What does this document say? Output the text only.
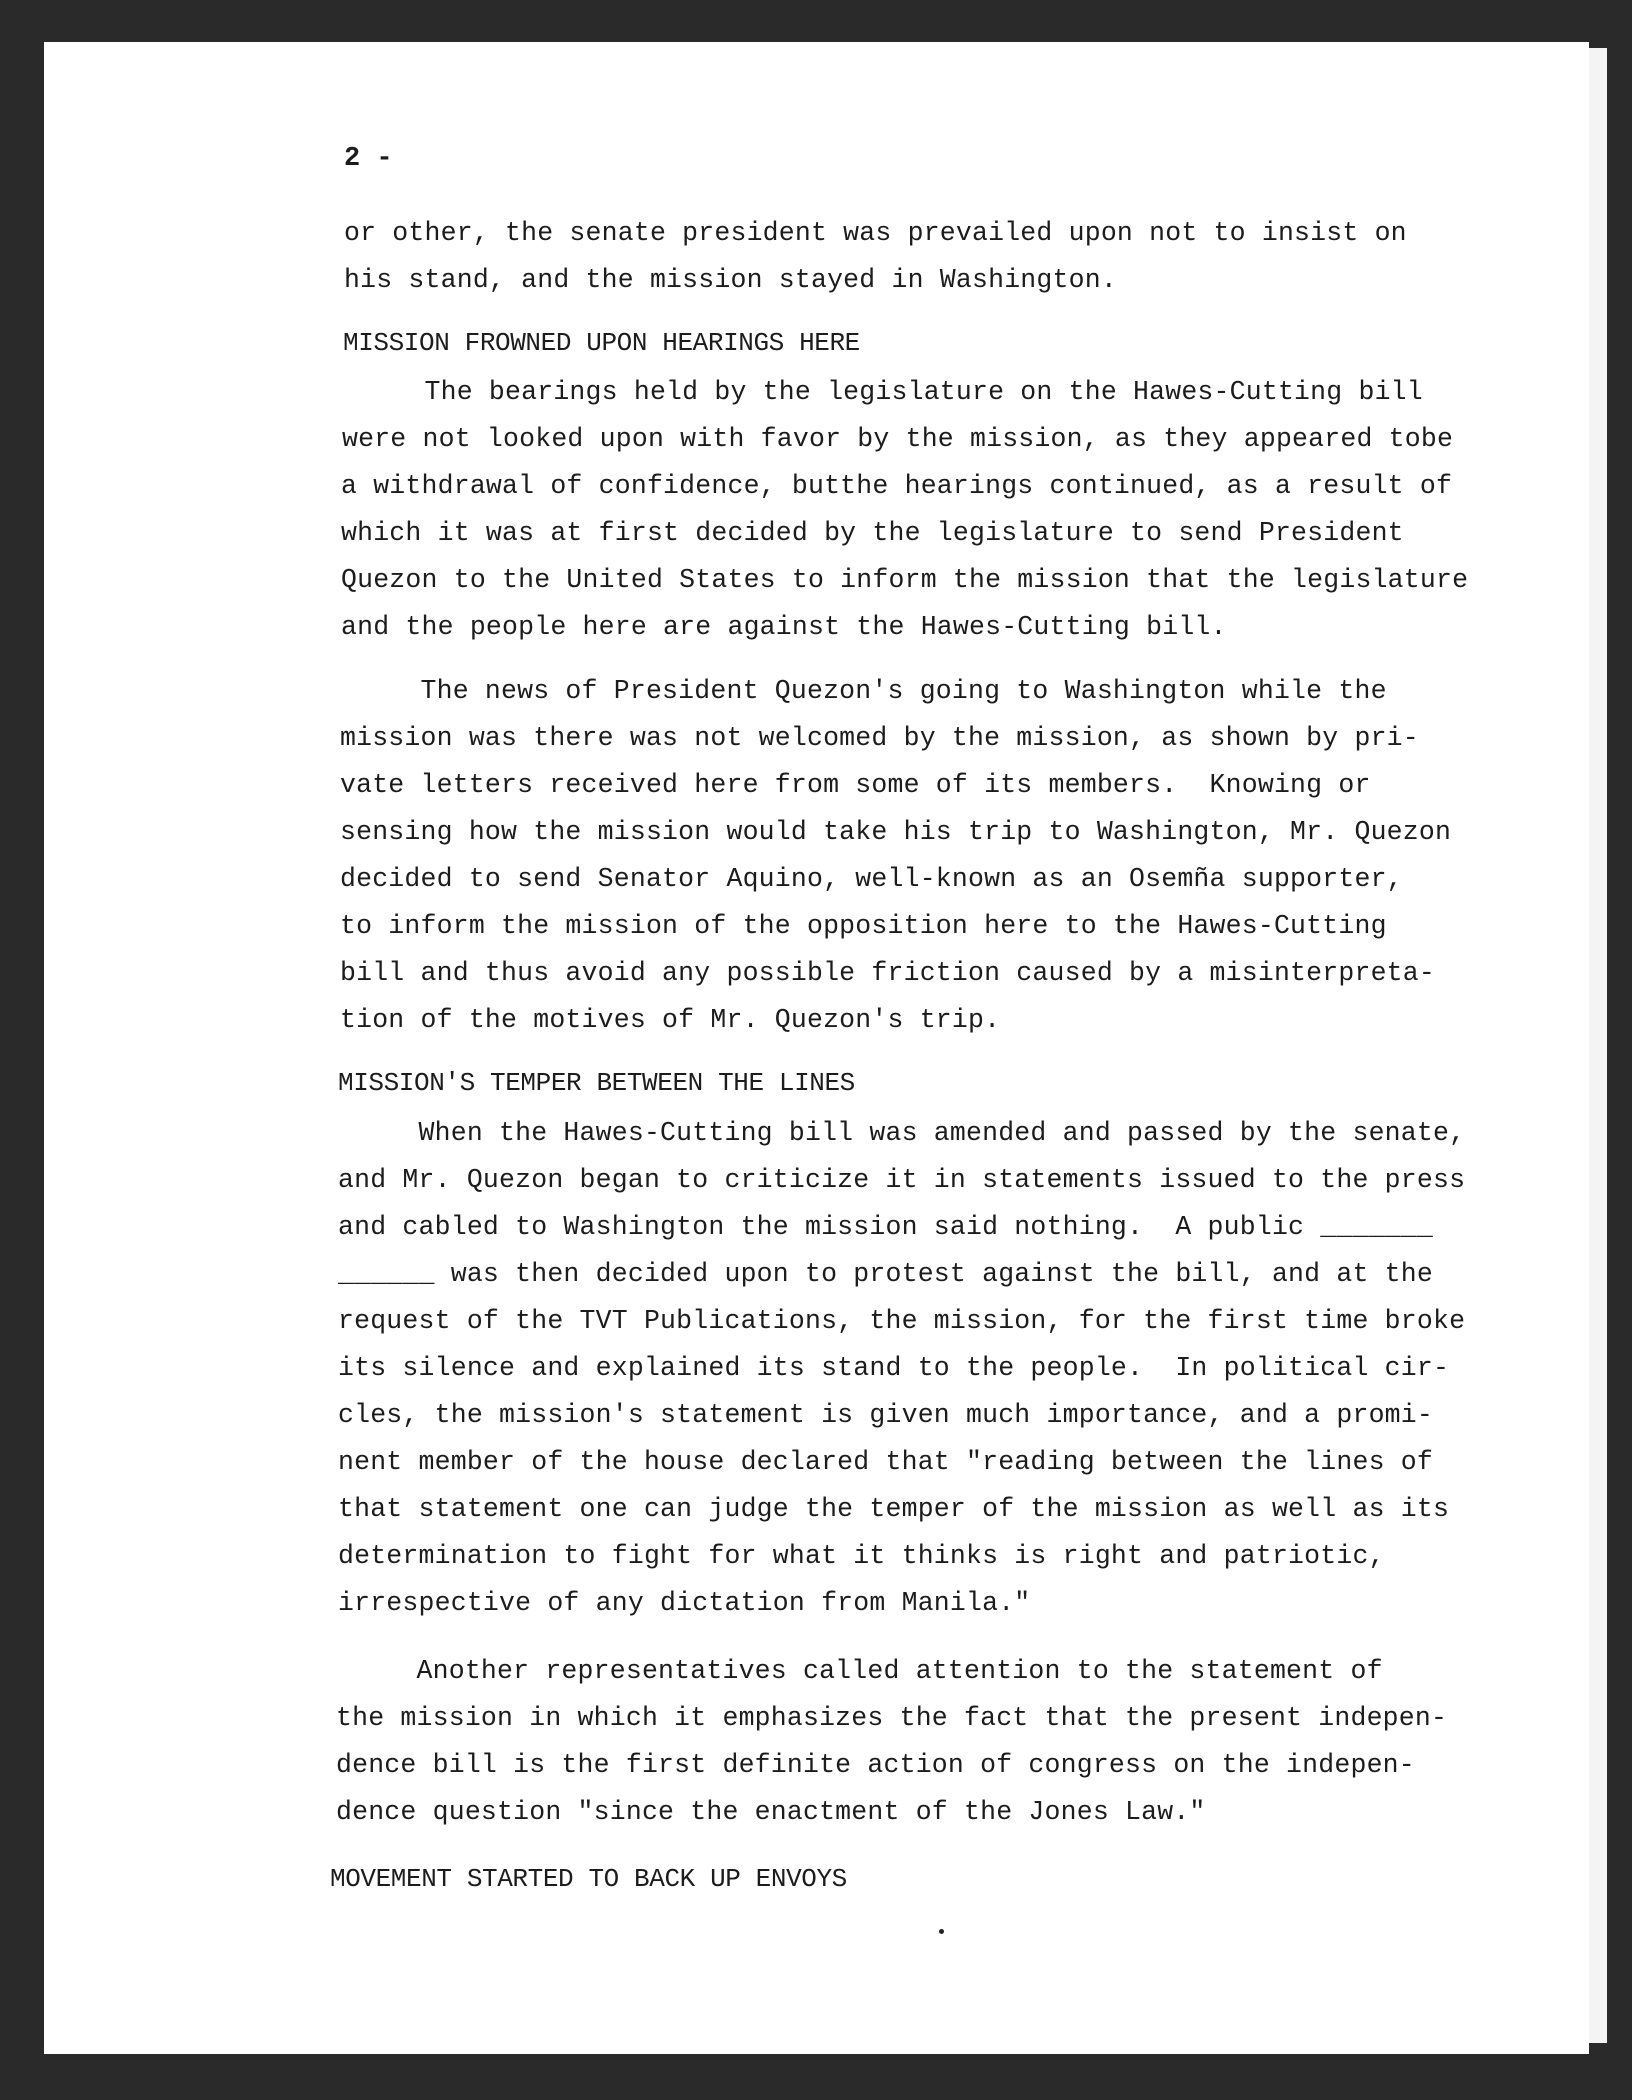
2 -
or other, the senate president was prevailed upon not to insist on
his stand, and the mission stayed in Washington.
MISSION FROWNED UPON HEARINGS HERE
The bearings held by the legislature on the Hawes-Cutting bill
were not looked upon with favor by the mission, as they appeared tobe
a withdrawal of confidence, butthe hearings continued, as a result of
which it was at first decided by the legislature to send President
Quezon to the United States to inform the mission that the legislature
and the people here are against the Hawes-Cutting bill.
The news of President Quezon's going to Washington while the
mission was there was not welcomed by the mission, as shown by pri-
vate letters received here from some of its members.  Knowing or
sensing how the mission would take his trip to Washington, Mr. Quezon
decided to send Senator Aquino, well-known as an Osemña supporter,
to inform the mission of the opposition here to the Hawes-Cutting
bill and thus avoid any possible friction caused by a misinterpreta-
tion of the motives of Mr. Quezon's trip.
MISSION'S TEMPER BETWEEN THE LINES
When the Hawes-Cutting bill was amended and passed by the senate,
and Mr. Quezon began to criticize it in statements issued to the press
and cabled to Washington the mission said nothing.  A public _______
______ was then decided upon to protest against the bill, and at the
request of the TVT Publications, the mission, for the first time broke
its silence and explained its stand to the people.  In political cir-
cles, the mission's statement is given much importance, and a promi-
nent member of the house declared that "reading between the lines of
that statement one can judge the temper of the mission as well as its
determination to fight for what it thinks is right and patriotic,
irrespective of any dictation from Manila."
Another representatives called attention to the statement of
the mission in which it emphasizes the fact that the present indepen-
dence bill is the first definite action of congress on the indepen-
dence question "since the enactment of the Jones Law."
MOVEMENT STARTED TO BACK UP ENVOYS
